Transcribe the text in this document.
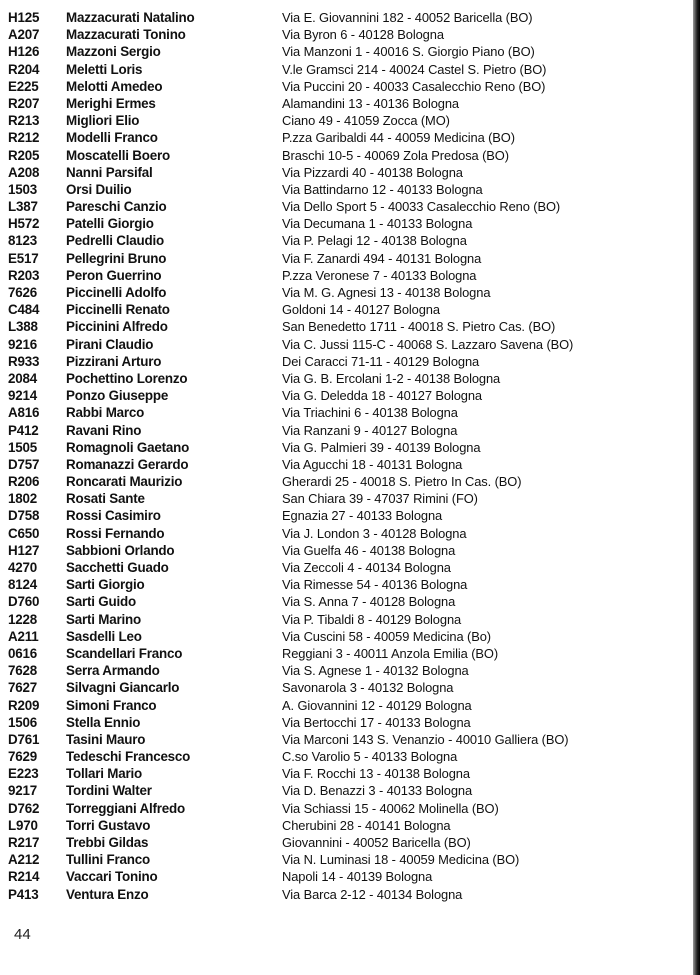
H125	Mazzacurati Natalino	Via E. Giovannini 182 - 40052 Baricella (BO)
A207	Mazzacurati Tonino	Via Byron 6 - 40128 Bologna
H126	Mazzoni Sergio	Via Manzoni 1 - 40016 S. Giorgio Piano (BO)
R204	Meletti Loris	V.le Gramsci 214 - 40024 Castel S. Pietro (BO)
E225	Melotti Amedeo	Via Puccini 20 - 40033 Casalecchio Reno (BO)
R207	Merighi Ermes	Alamandini 13 - 40136 Bologna
R213	Migliori Elio	Ciano 49 - 41059 Zocca (MO)
R212	Modelli Franco	P.zza Garibaldi 44 - 40059 Medicina (BO)
R205	Moscatelli Boero	Braschi 10-5 - 40069 Zola Predosa (BO)
A208	Nanni Parsifal	Via Pizzardi 40 - 40138 Bologna
1503	Orsi Duilio	Via Battindarno 12 - 40133 Bologna
L387	Pareschi Canzio	Via Dello Sport 5 - 40033 Casalecchio Reno (BO)
H572	Patelli Giorgio	Via Decumana 1 - 40133 Bologna
8123	Pedrelli Claudio	Via P. Pelagi 12 - 40138 Bologna
E517	Pellegrini Bruno	Via F. Zanardi 494 - 40131 Bologna
R203	Peron Guerrino	P.zza Veronese 7 - 40133 Bologna
7626	Piccinelli Adolfo	Via M. G. Agnesi 13 - 40138 Bologna
C484	Piccinelli Renato	Goldoni 14 - 40127 Bologna
L388	Piccinini Alfredo	San Benedetto 1711 - 40018 S. Pietro Cas. (BO)
9216	Pirani Claudio	Via C. Jussi 115-C - 40068 S. Lazzaro Savena (BO)
R933	Pizzirani Arturo	Dei Caracci 71-11 - 40129 Bologna
2084	Pochettino Lorenzo	Via G. B. Ercolani 1-2 - 40138 Bologna
9214	Ponzo Giuseppe	Via G. Deledda 18 - 40127 Bologna
A816	Rabbi Marco	Via Triachini 6 - 40138 Bologna
P412	Ravani Rino	Via Ranzani 9 - 40127 Bologna
1505	Romagnoli Gaetano	Via G. Palmieri 39 - 40139 Bologna
D757	Romanazzi Gerardo	Via Agucchi 18 - 40131 Bologna
R206	Roncarati Maurizio	Gherardi 25 - 40018 S. Pietro In Cas. (BO)
1802	Rosati Sante	San Chiara 39 - 47037 Rimini (FO)
D758	Rossi Casimiro	Egnazia 27 - 40133 Bologna
C650	Rossi Fernando	Via J. London 3 - 40128 Bologna
H127	Sabbioni Orlando	Via Guelfa 46 - 40138 Bologna
4270	Sacchetti Guado	Via Zeccoli 4 - 40134 Bologna
8124	Sarti Giorgio	Via Rimesse 54 - 40136 Bologna
D760	Sarti Guido	Via S. Anna 7 - 40128 Bologna
1228	Sarti Marino	Via P. Tibaldi 8 - 40129 Bologna
A211	Sasdelli Leo	Via Cuscini 58 - 40059 Medicina (Bo)
0616	Scandellari Franco	Reggiani 3 - 40011 Anzola Emilia (BO)
7628	Serra Armando	Via S. Agnese 1 - 40132 Bologna
7627	Silvagni Giancarlo	Savonarola 3 - 40132 Bologna
R209	Simoni Franco	A. Giovannini 12 - 40129 Bologna
1506	Stella Ennio	Via Bertocchi 17 - 40133 Bologna
D761	Tasini Mauro	Via Marconi 143 S. Venanzio - 40010 Galliera (BO)
7629	Tedeschi Francesco	C.so Varolio 5 - 40133 Bologna
E223	Tollari Mario	Via F. Rocchi 13 - 40138 Bologna
9217	Tordini Walter	Via D. Benazzi 3 - 40133 Bologna
D762	Torreggiani Alfredo	Via Schiassi 15 - 40062 Molinella (BO)
L970	Torri Gustavo	Cherubini 28 - 40141 Bologna
R217	Trebbi Gildas	Giovannini - 40052 Baricella (BO)
A212	Tullini Franco	Via N. Luminasi 18 - 40059 Medicina (BO)
R214	Vaccari Tonino	Napoli 14 - 40139 Bologna
P413	Ventura Enzo	Via Barca 2-12 - 40134 Bologna
44
